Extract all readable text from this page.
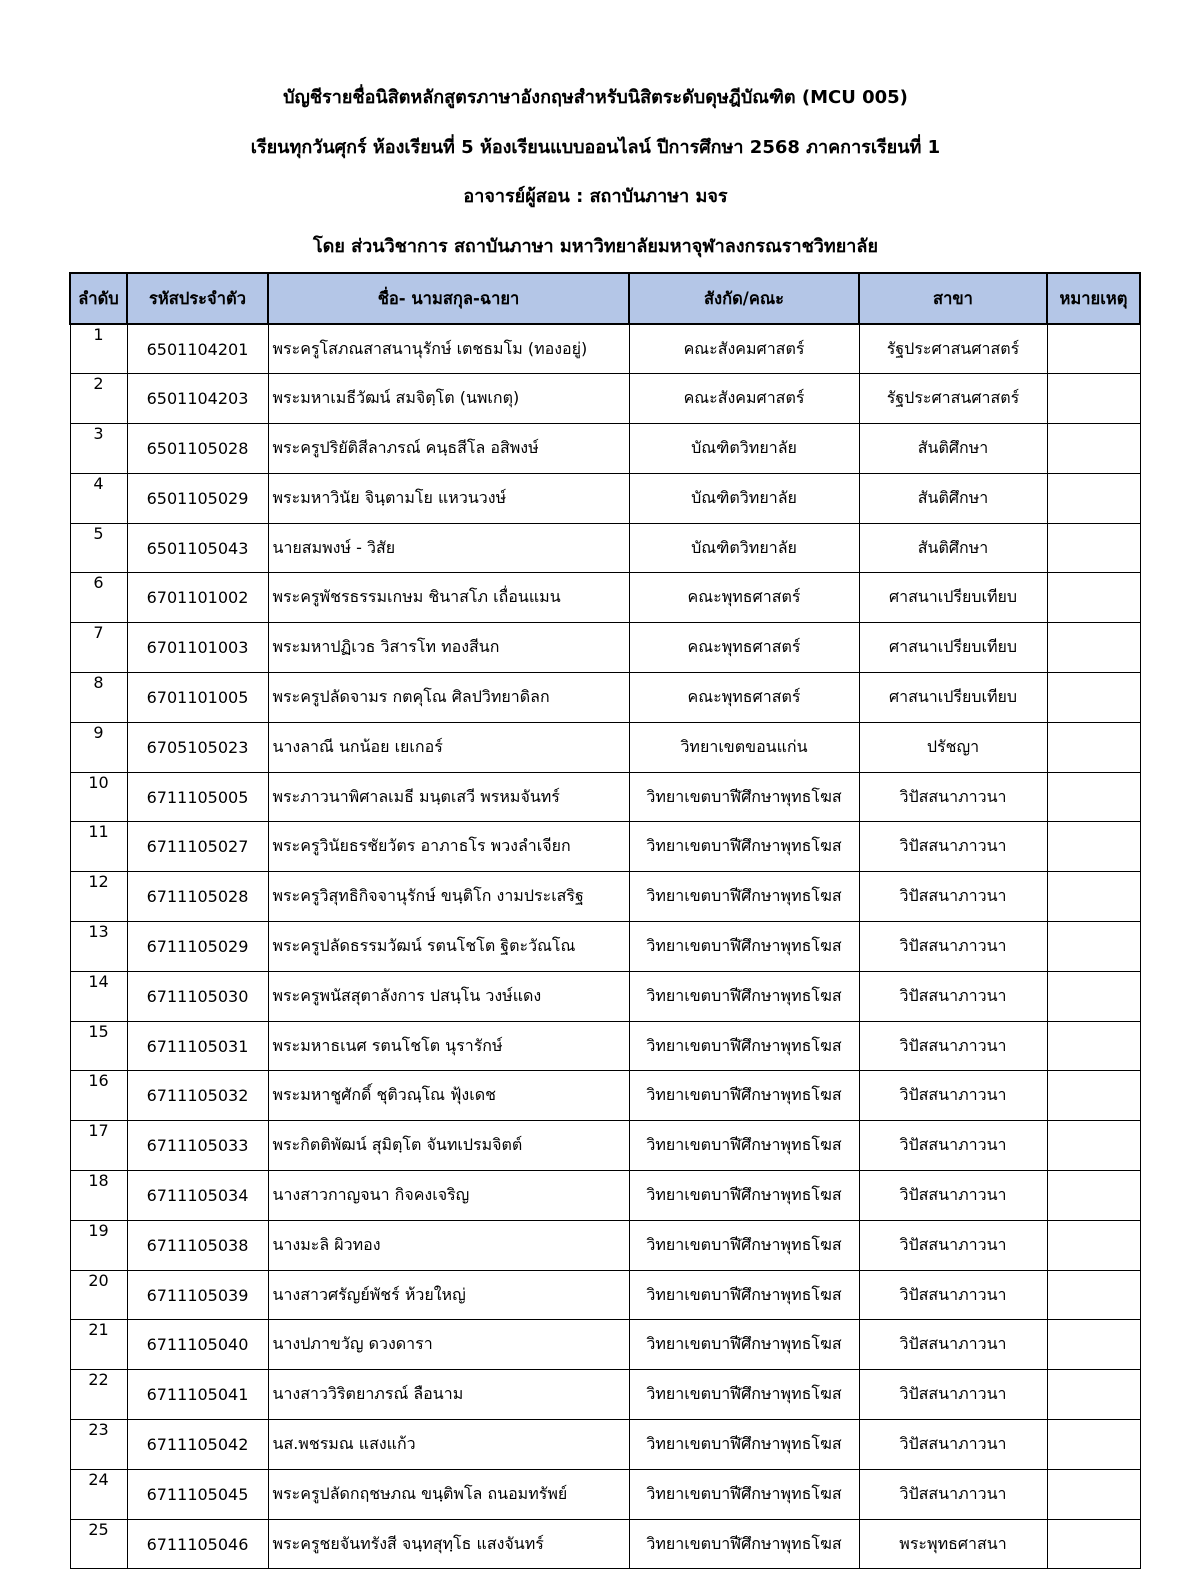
บัญชีรายชื่อนิสิตหลักสูตรภาษาอังกฤษสำหรับนิสิตระดับดุษฎีบัณฑิต (MCU 005)
เรียนทุกวันศุกร์ ห้องเรียนที่ 5 ห้องเรียนแบบออนไลน์ ปีการศึกษา 2568 ภาคการเรียนที่ 1
อาจารย์ผู้สอน : สถาบันภาษา มจร
โดย ส่วนวิชาการ สถาบันภาษา มหาวิทยาลัยมหาจุฬาลงกรณราชวิทยาลัย
ลำดับ	รหัสประจำตัว	ชื่อ- นามสกุล-ฉายา	สังกัด/คณะ	สาขา	หมายเหตุ
1	6501104201	พระครูโสภณสาสนานุรักษ์ เตชธมโม (ทองอยู่)	คณะสังคมศาสตร์	รัฐประศาสนศาสตร์	
2	6501104203	พระมหาเมธีวัฒน์ สมจิตฺโต (นพเกตุ)	คณะสังคมศาสตร์	รัฐประศาสนศาสตร์	
3	6501105028	พระครูปริยัติสีลาภรณ์ คนฺธสีโล อสิพงษ์	บัณฑิตวิทยาลัย	สันติศึกษา	
4	6501105029	พระมหาวินัย จินฺตามโย แหวนวงษ์	บัณฑิตวิทยาลัย	สันติศึกษา	
5	6501105043	นายสมพงษ์ - วิสัย	บัณฑิตวิทยาลัย	สันติศึกษา	
6	6701101002	พระครูพัชรธรรมเกษม ชินาสโภ เถื่อนแมน	คณะพุทธศาสตร์	ศาสนาเปรียบเทียบ	
7	6701101003	พระมหาปฏิเวธ วิสารโท ทองสีนก	คณะพุทธศาสตร์	ศาสนาเปรียบเทียบ	
8	6701101005	พระครูปลัดจามร กตคุโณ ศิลปวิทยาดิลก	คณะพุทธศาสตร์	ศาสนาเปรียบเทียบ	
9	6705105023	นางลาณี นกน้อย เยเกอร์	วิทยาเขตขอนแก่น	ปรัชญา	
10	6711105005	พระภาวนาพิศาลเมธี มนฺตเสวี พรหมจันทร์	วิทยาเขตบาฬีศึกษาพุทธโฆส	วิปัสสนาภาวนา	
11	6711105027	พระครูวินัยธรชัยวัตร อาภาธโร พวงลำเจียก	วิทยาเขตบาฬีศึกษาพุทธโฆส	วิปัสสนาภาวนา	
12	6711105028	พระครูวิสุทธิกิจจานุรักษ์ ขนฺติโก งามประเสริฐ	วิทยาเขตบาฬีศึกษาพุทธโฆส	วิปัสสนาภาวนา	
13	6711105029	พระครูปลัดธรรมวัฒน์ รตนโชโต ฐิตะวัณโณ	วิทยาเขตบาฬีศึกษาพุทธโฆส	วิปัสสนาภาวนา	
14	6711105030	พระครูพนัสสุตาลังการ ปสนฺโน วงษ์แดง	วิทยาเขตบาฬีศึกษาพุทธโฆส	วิปัสสนาภาวนา	
15	6711105031	พระมหาธเนศ รตนโชโต นุรารักษ์	วิทยาเขตบาฬีศึกษาพุทธโฆส	วิปัสสนาภาวนา	
16	6711105032	พระมหาชูศักดิ์ ชุติวณฺโณ ฟุ้งเดช	วิทยาเขตบาฬีศึกษาพุทธโฆส	วิปัสสนาภาวนา	
17	6711105033	พระกิตติพัฒน์ สุมิตฺโต จันทเปรมจิตต์	วิทยาเขตบาฬีศึกษาพุทธโฆส	วิปัสสนาภาวนา	
18	6711105034	นางสาวกาญจนา กิจคงเจริญ	วิทยาเขตบาฬีศึกษาพุทธโฆส	วิปัสสนาภาวนา	
19	6711105038	นางมะลิ ผิวทอง	วิทยาเขตบาฬีศึกษาพุทธโฆส	วิปัสสนาภาวนา	
20	6711105039	นางสาวศรัญย์พัชร์ ห้วยใหญ่	วิทยาเขตบาฬีศึกษาพุทธโฆส	วิปัสสนาภาวนา	
21	6711105040	นางปภาขวัญ ดวงดารา	วิทยาเขตบาฬีศึกษาพุทธโฆส	วิปัสสนาภาวนา	
22	6711105041	นางสาววิริตยาภรณ์ ลือนาม	วิทยาเขตบาฬีศึกษาพุทธโฆส	วิปัสสนาภาวนา	
23	6711105042	นส.พชรมณ แสงแก้ว	วิทยาเขตบาฬีศึกษาพุทธโฆส	วิปัสสนาภาวนา	
24	6711105045	พระครูปลัดกฤชษภณ ขนฺติพโล ถนอมทรัพย์	วิทยาเขตบาฬีศึกษาพุทธโฆส	วิปัสสนาภาวนา	
25	6711105046	พระครูชยจันทรังสี จนฺทสุทฺโธ แสงจันทร์	วิทยาเขตบาฬีศึกษาพุทธโฆส	พระพุทธศาสนา	
